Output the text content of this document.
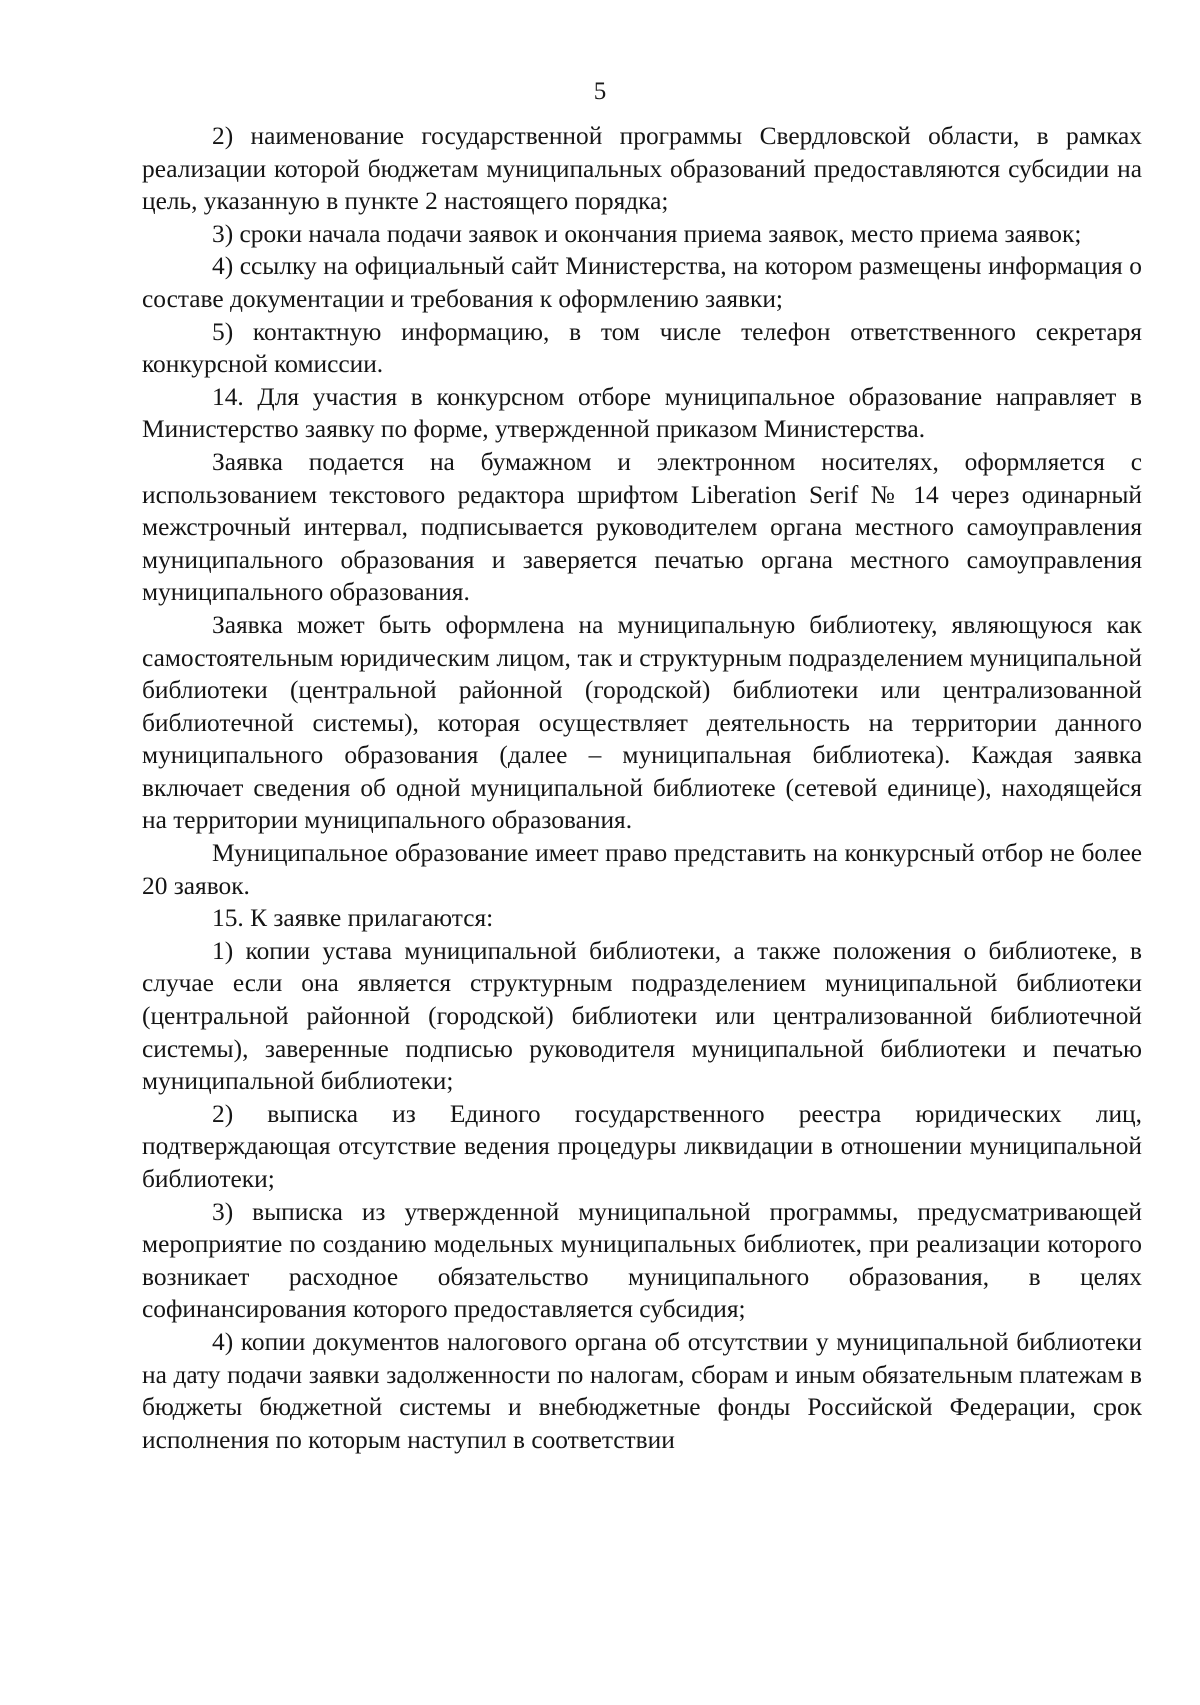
5

2) наименование государственной программы Свердловской области, в рамках реализации которой бюджетам муниципальных образований предоставляются субсидии на цель, указанную в пункте 2 настоящего порядка;

3) сроки начала подачи заявок и окончания приема заявок, место приема заявок;

4) ссылку на официальный сайт Министерства, на котором размещены информация о составе документации и требования к оформлению заявки;

5) контактную информацию, в том числе телефон ответственного секретаря конкурсной комиссии.

14. Для участия в конкурсном отборе муниципальное образование направляет в Министерство заявку по форме, утвержденной приказом Министерства.

Заявка подается на бумажном и электронном носителях, оформляется с использованием текстового редактора шрифтом Liberation Serif № 14 через одинарный межстрочный интервал, подписывается руководителем органа местного самоуправления муниципального образования и заверяется печатью органа местного самоуправления муниципального образования.

Заявка может быть оформлена на муниципальную библиотеку, являющуюся как самостоятельным юридическим лицом, так и структурным подразделением муниципальной библиотеки (центральной районной (городской) библиотеки или централизованной библиотечной системы), которая осуществляет деятельность на территории данного муниципального образования (далее – муниципальная библиотека). Каждая заявка включает сведения об одной муниципальной библиотеке (сетевой единице), находящейся на территории муниципального образования.

Муниципальное образование имеет право представить на конкурсный отбор не более 20 заявок.

15. К заявке прилагаются:

1) копии устава муниципальной библиотеки, а также положения о библиотеке, в случае если она является структурным подразделением муниципальной библиотеки (центральной районной (городской) библиотеки или централизованной библиотечной системы), заверенные подписью руководителя муниципальной библиотеки и печатью муниципальной библиотеки;

2) выписка из Единого государственного реестра юридических лиц, подтверждающая отсутствие ведения процедуры ликвидации в отношении муниципальной библиотеки;

3) выписка из утвержденной муниципальной программы, предусматривающей мероприятие по созданию модельных муниципальных библиотек, при реализации которого возникает расходное обязательство муниципального образования, в целях софинансирования которого предоставляется субсидия;

4) копии документов налогового органа об отсутствии у муниципальной библиотеки на дату подачи заявки задолженности по налогам, сборам и иным обязательным платежам в бюджеты бюджетной системы и внебюджетные фонды Российской Федерации, срок исполнения по которым наступил в соответствии
